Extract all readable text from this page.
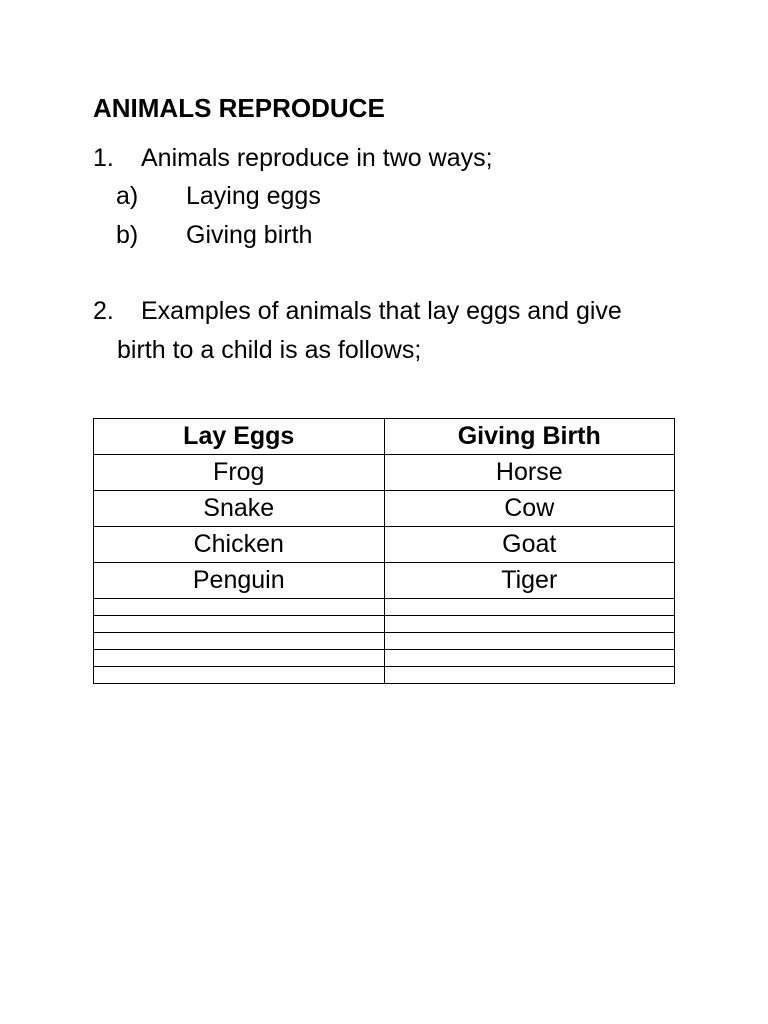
ANIMALS REPRODUCE
1. Animals reproduce in two ways;
a) Laying eggs
b) Giving birth
2. Examples of animals that lay eggs and give
birth to a child is as follows;
Lay Eggs	Giving Birth
Frog	Horse
Snake	Cow
Chicken	Goat
Penguin	Tiger
